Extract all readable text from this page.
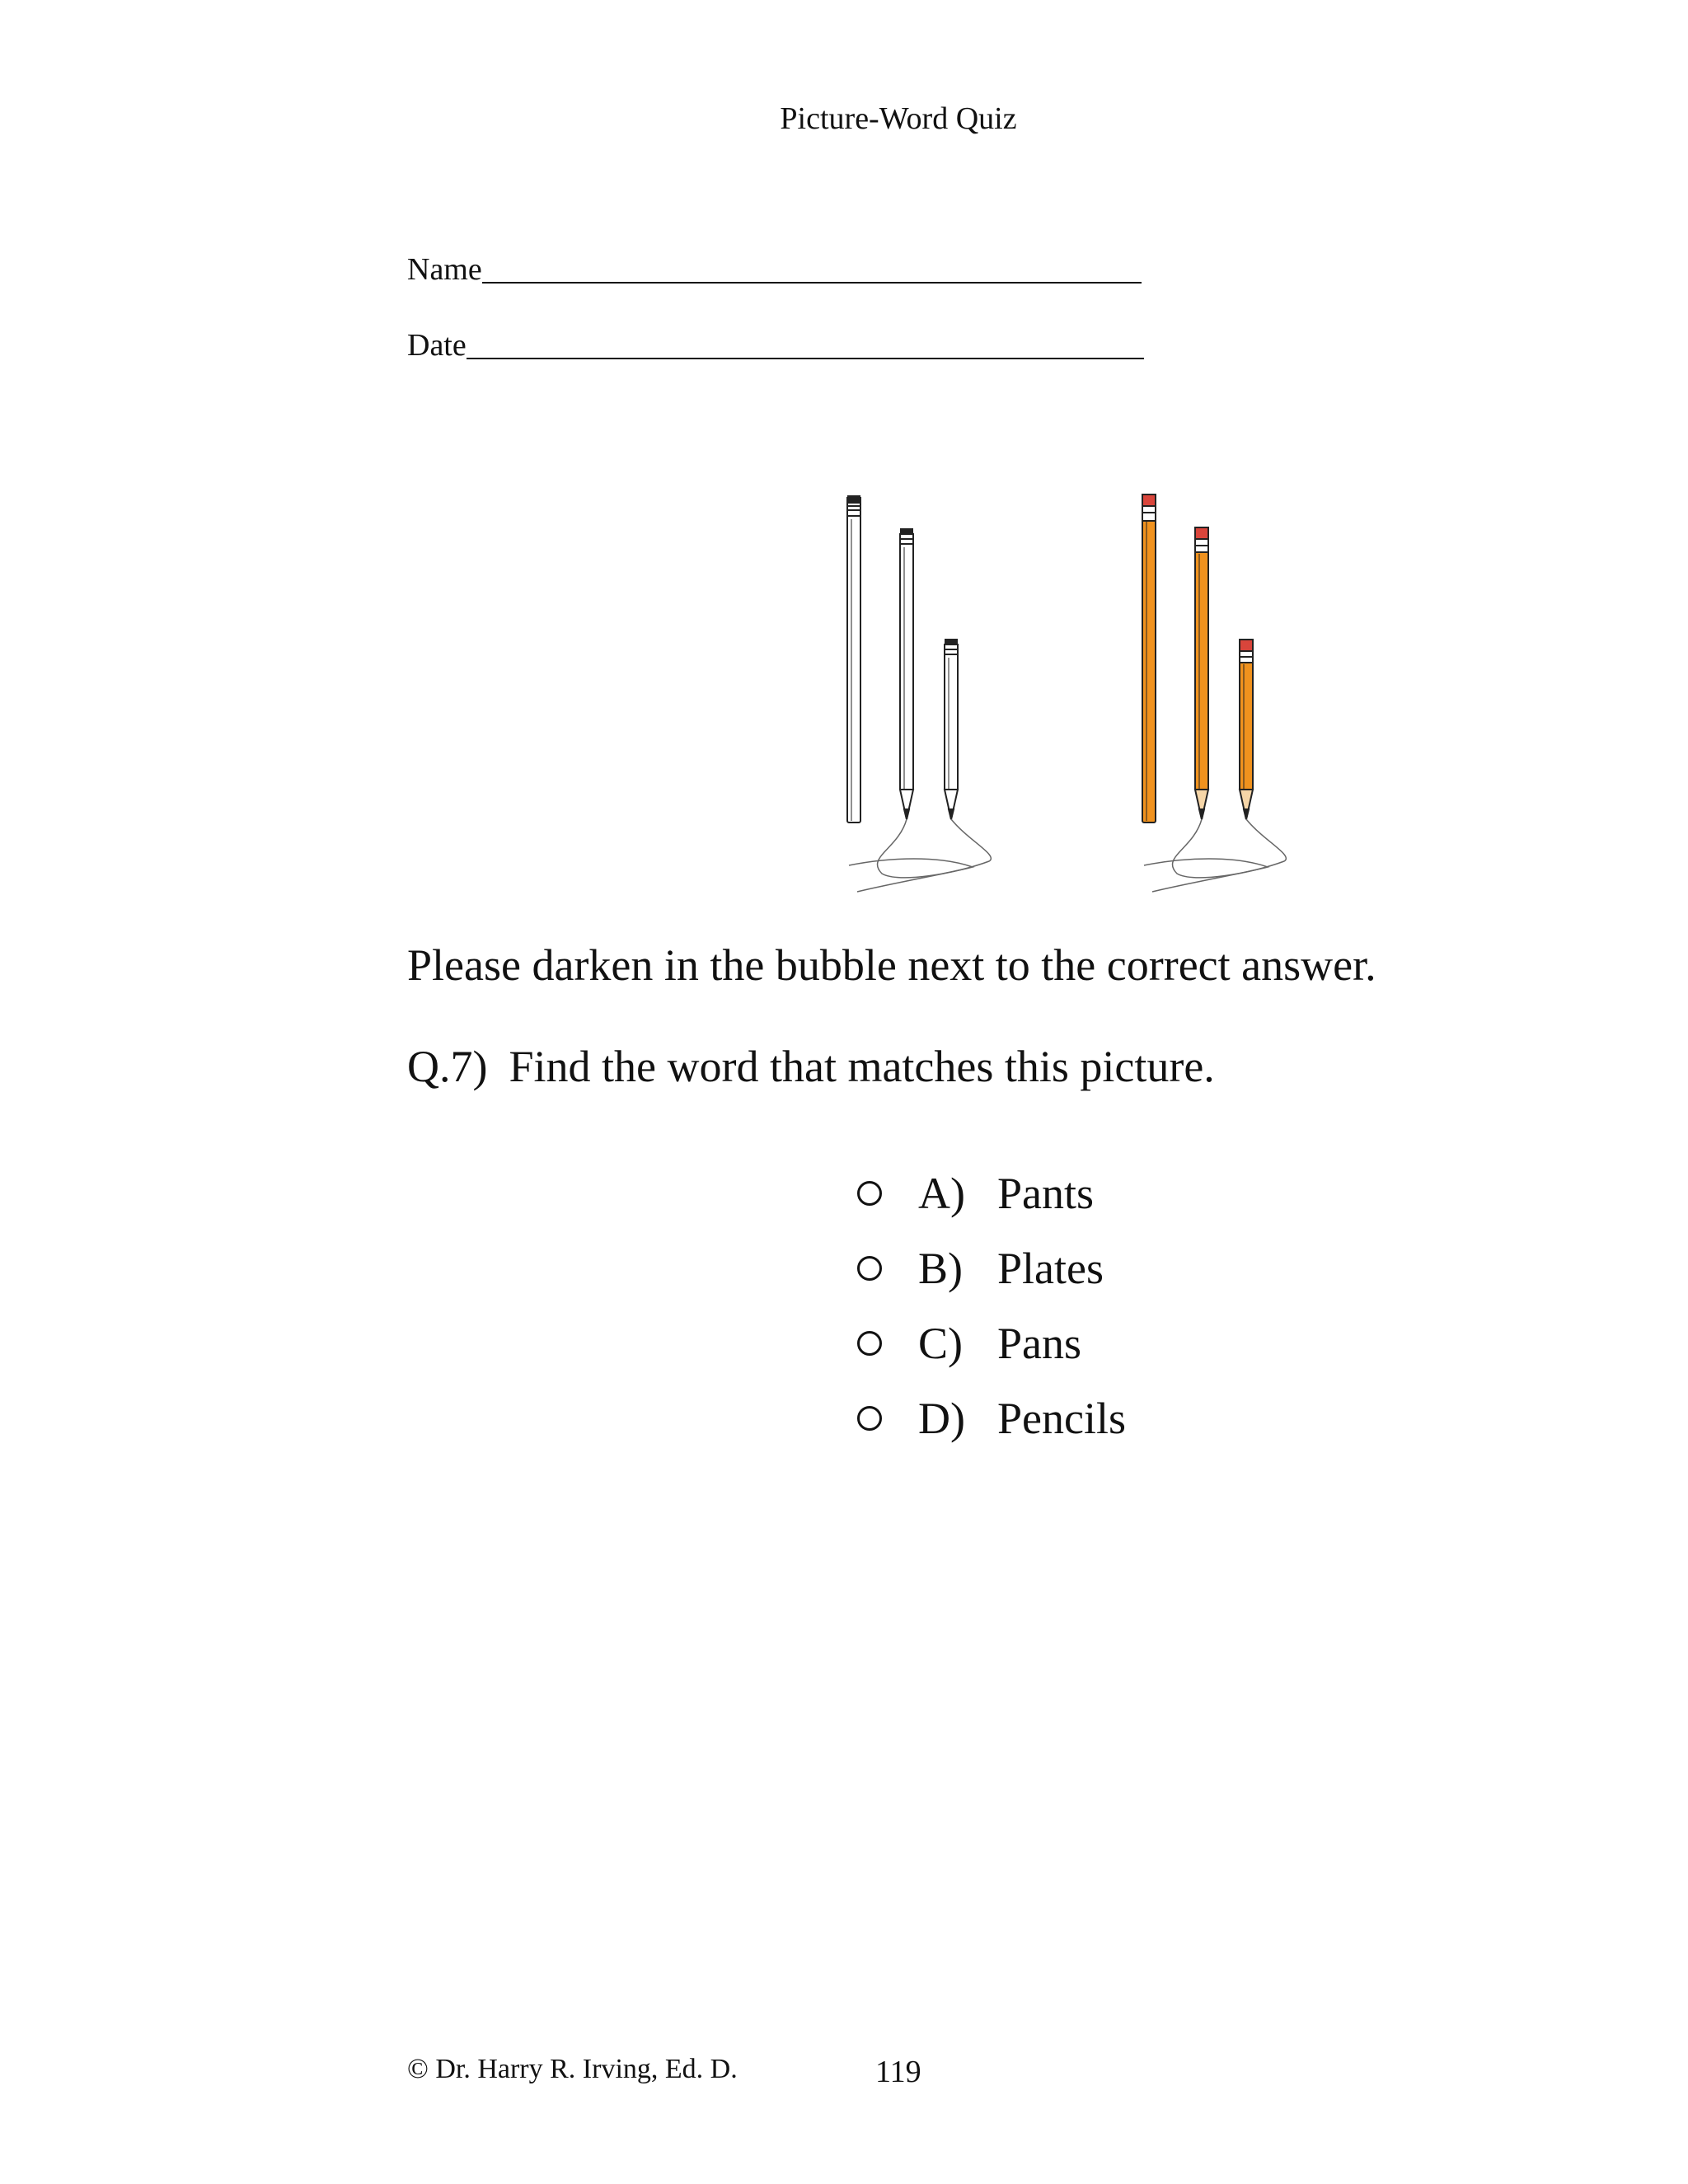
Picture-Word Quiz
Name
Date
Please darken in the bubble next to the correct answer.
Q.7) Find the word that matches this picture.
A) Pants
B) Plates
C) Pans
D) Pencils
© Dr. Harry R. Irving, Ed. D.	119
